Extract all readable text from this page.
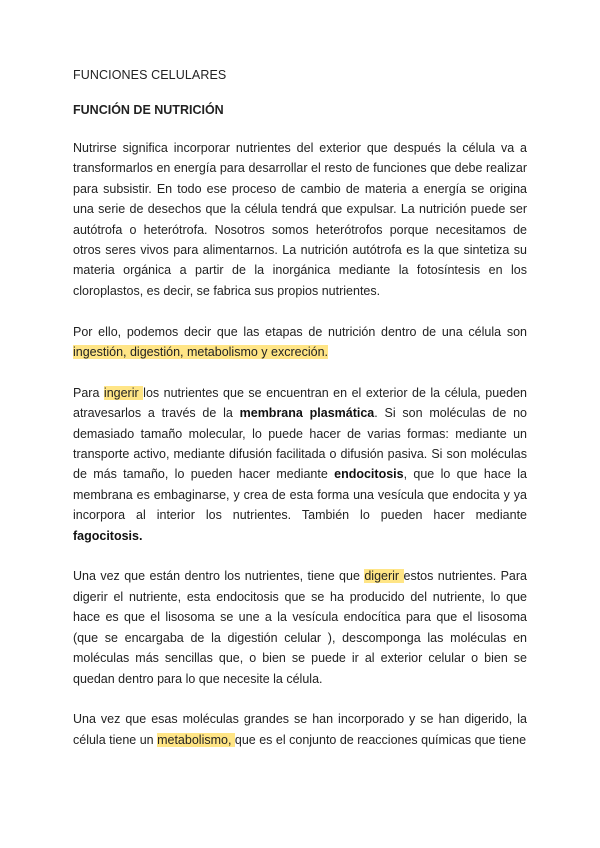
FUNCIONES CELULARES
FUNCIÓN DE NUTRICIÓN

Nutrirse significa incorporar nutrientes del exterior que después la célula va a transformarlos en energía para desarrollar el resto de funciones que debe realizar para subsistir. En todo ese proceso de cambio de materia a energía se origina una serie de desechos que la célula tendrá que expulsar. La nutrición puede ser autótrofa o heterótrofa. Nosotros somos heterótrofos porque necesitamos de otros seres vivos para alimentarnos. La nutrición autótrofa es la que sintetiza su materia orgánica a partir de la inorgánica mediante la fotosíntesis en los cloroplastos, es decir, se fabrica sus propios nutrientes.

Por ello, podemos decir que las etapas de nutrición dentro de una célula son ingestión, digestión, metabolismo y excreción.

Para ingerir los nutrientes que se encuentran en el exterior de la célula, pueden atravesarlos a través de la membrana plasmática. Si son moléculas de no demasiado tamaño molecular, lo puede hacer de varias formas: mediante un transporte activo, mediante difusión facilitada o difusión pasiva. Si son moléculas de más tamaño, lo pueden hacer mediante endocitosis, que lo que hace la membrana es embaginarse, y crea de esta forma una vesícula que endocita y ya incorpora al interior los nutrientes. También lo pueden hacer mediante fagocitosis.

Una vez que están dentro los nutrientes, tiene que digerir estos nutrientes. Para digerir el nutriente, esta endocitosis que se ha producido del nutriente, lo que hace es que el lisosoma se une a la vesícula endocítica para que el lisosoma (que se encargaba de la digestión celular ), descomponga las moléculas en moléculas más sencillas que, o bien se puede ir al exterior celular o bien se quedan dentro para lo que necesite la célula.

Una vez que esas moléculas grandes se han incorporado y se han digerido, la célula tiene un metabolismo, que es el conjunto de reacciones químicas que tiene
